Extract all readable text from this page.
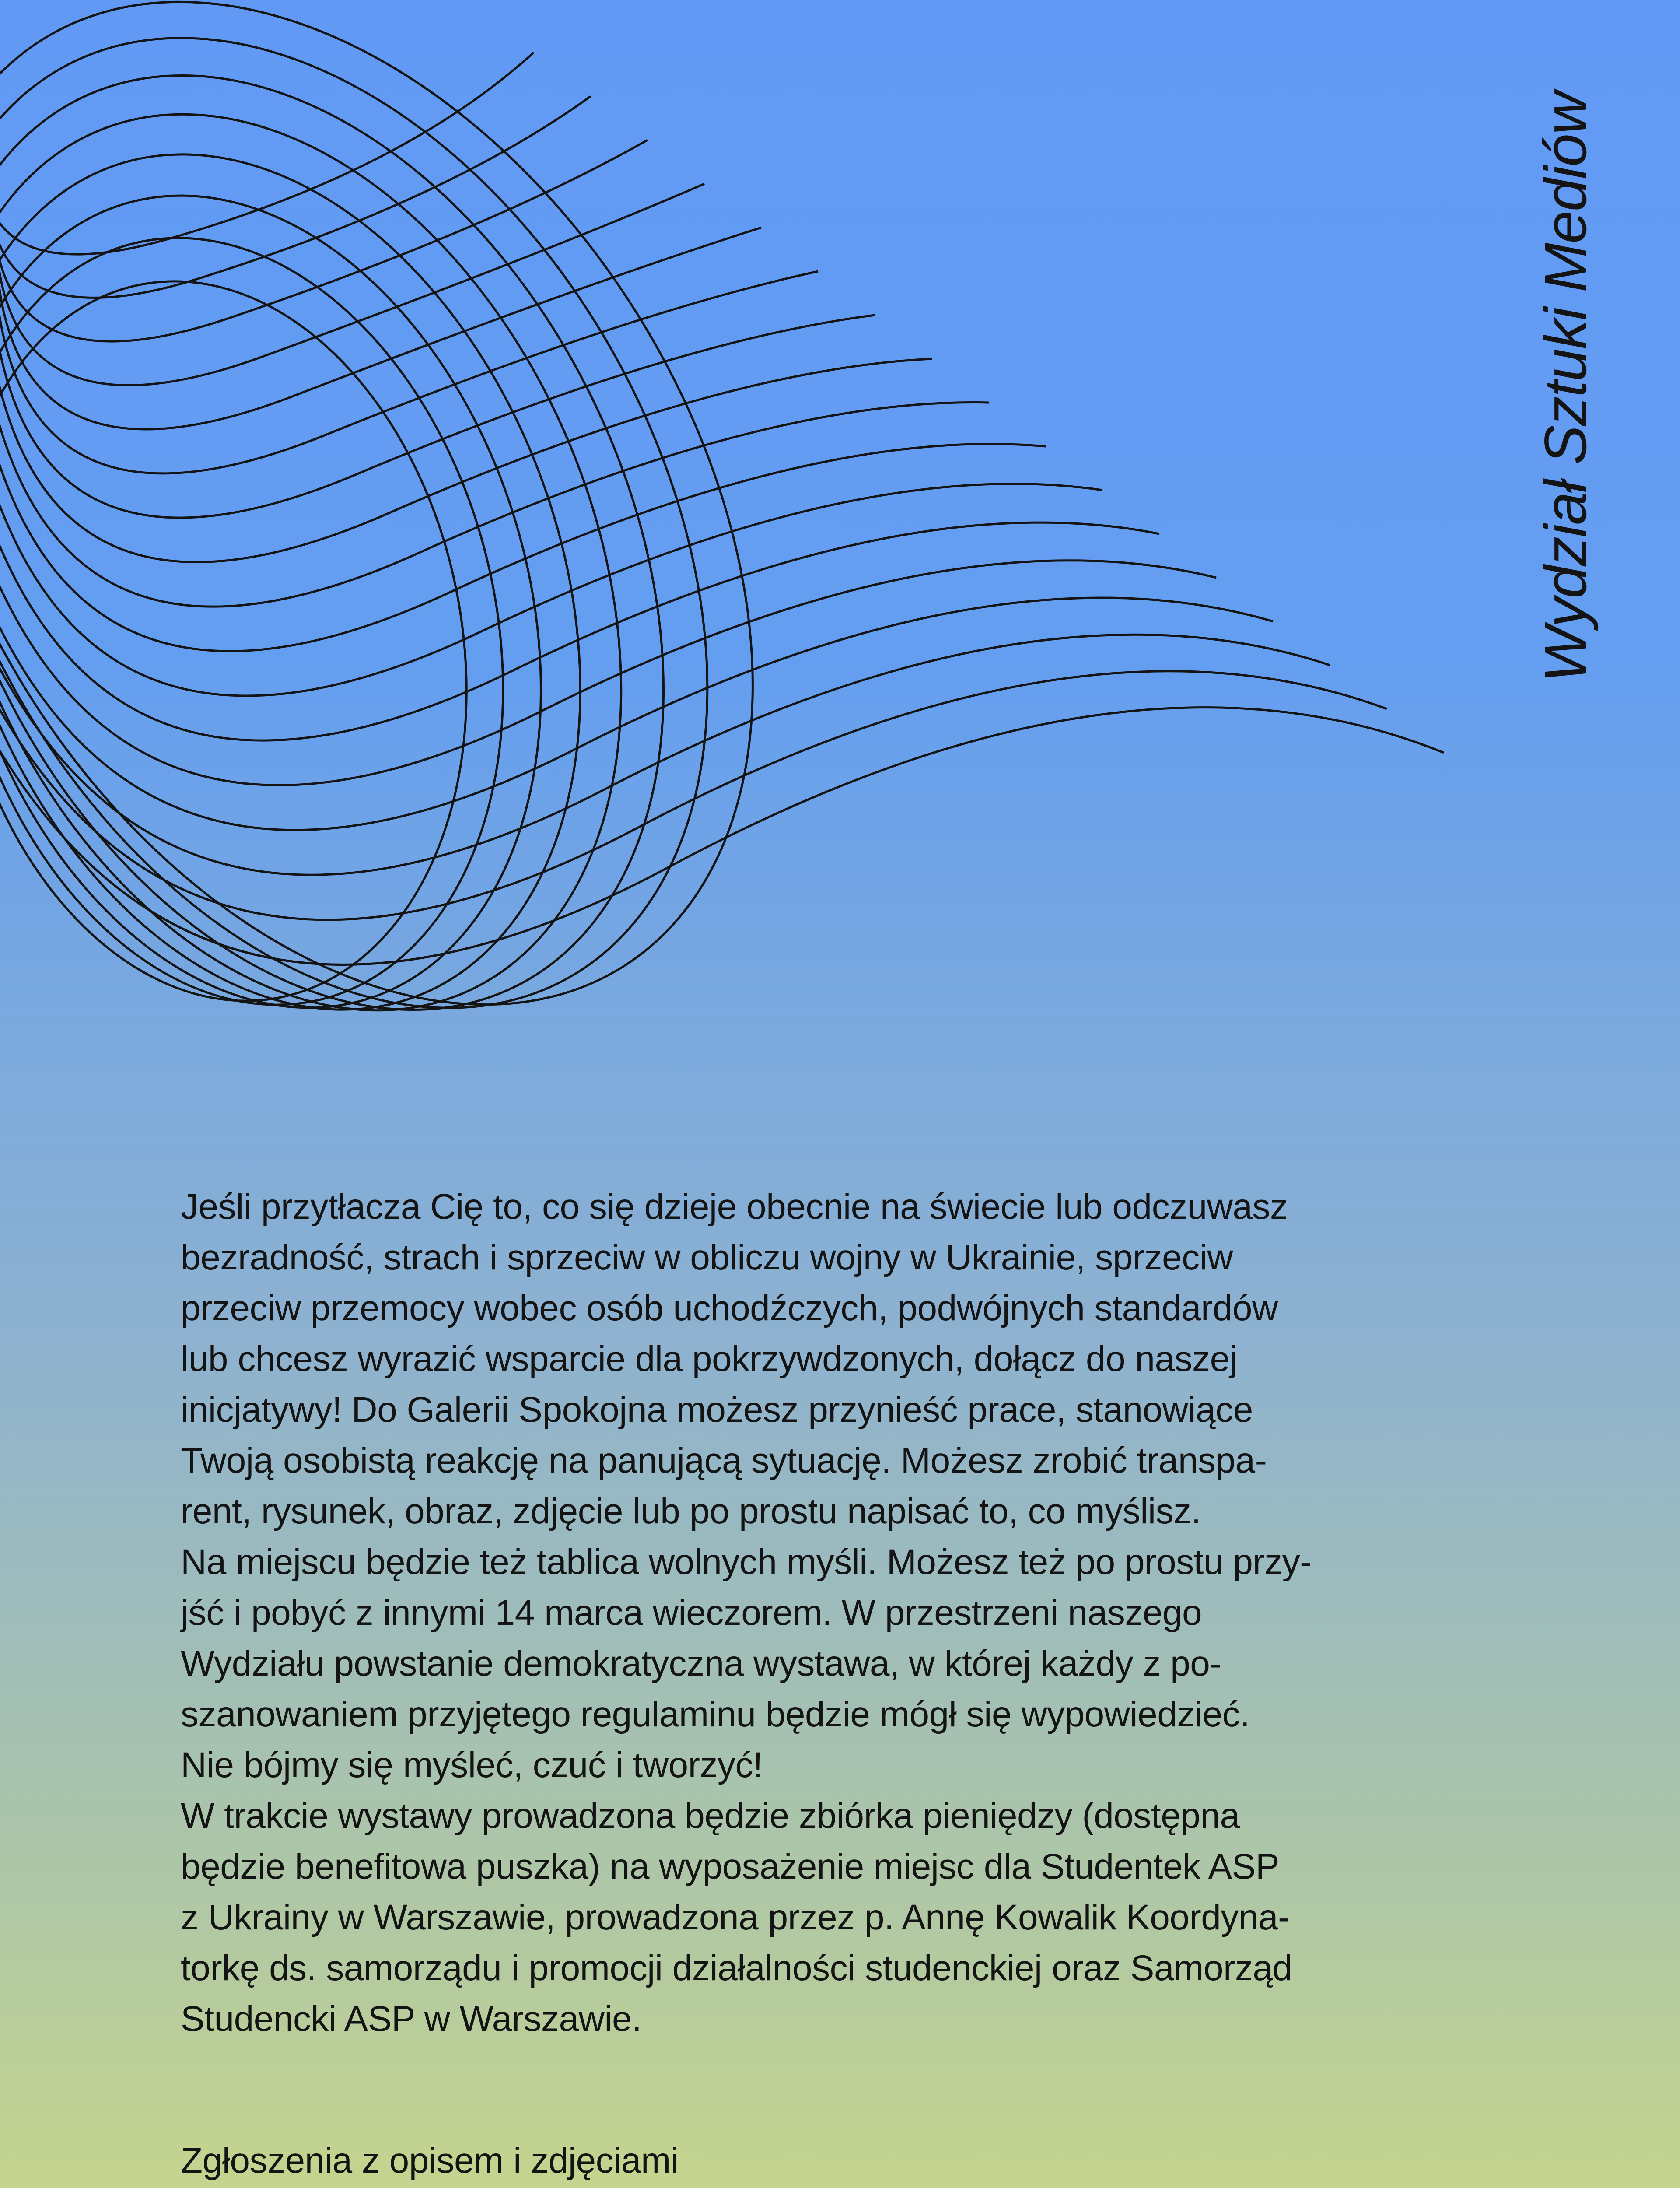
Wydział Sztuki Mediów

Jeśli przytłacza Cię to, co się dzieje obecnie na świecie lub odczuwasz

bezradność, strach i sprzeciw w obliczu wojny w Ukrainie, sprzeciw

przeciw przemocy wobec osób uchodźczych, podwójnych standardów

lub chcesz wyrazić wsparcie dla pokrzywdzonych, dołącz do naszej

inicjatywy! Do Galerii Spokojna możesz przynieść prace, stanowiące

Twoją osobistą reakcję na panującą sytuację. Możesz zrobić transpa-

rent, rysunek, obraz, zdjęcie lub po prostu napisać to, co myślisz.

Na miejscu będzie też tablica wolnych myśli. Możesz też po prostu przy-

jść i pobyć z innymi 14 marca wieczorem. W przestrzeni naszego

Wydziału powstanie demokratyczna wystawa, w której każdy z po-

szanowaniem przyjętego regulaminu będzie mógł się wypowiedzieć.

Nie bójmy się myśleć, czuć i tworzyć!

W trakcie wystawy prowadzona będzie zbiórka pieniędzy (dostępna

będzie benefitowa puszka) na wyposażenie miejsc dla Studentek ASP

z Ukrainy w Warszawie, prowadzona przez p. Annę Kowalik Koordyna-

torkę ds. samorządu i promocji działalności studenckiej oraz Samorząd

Studencki ASP w Warszawie.

Zgłoszenia z opisem i zdjęciami
